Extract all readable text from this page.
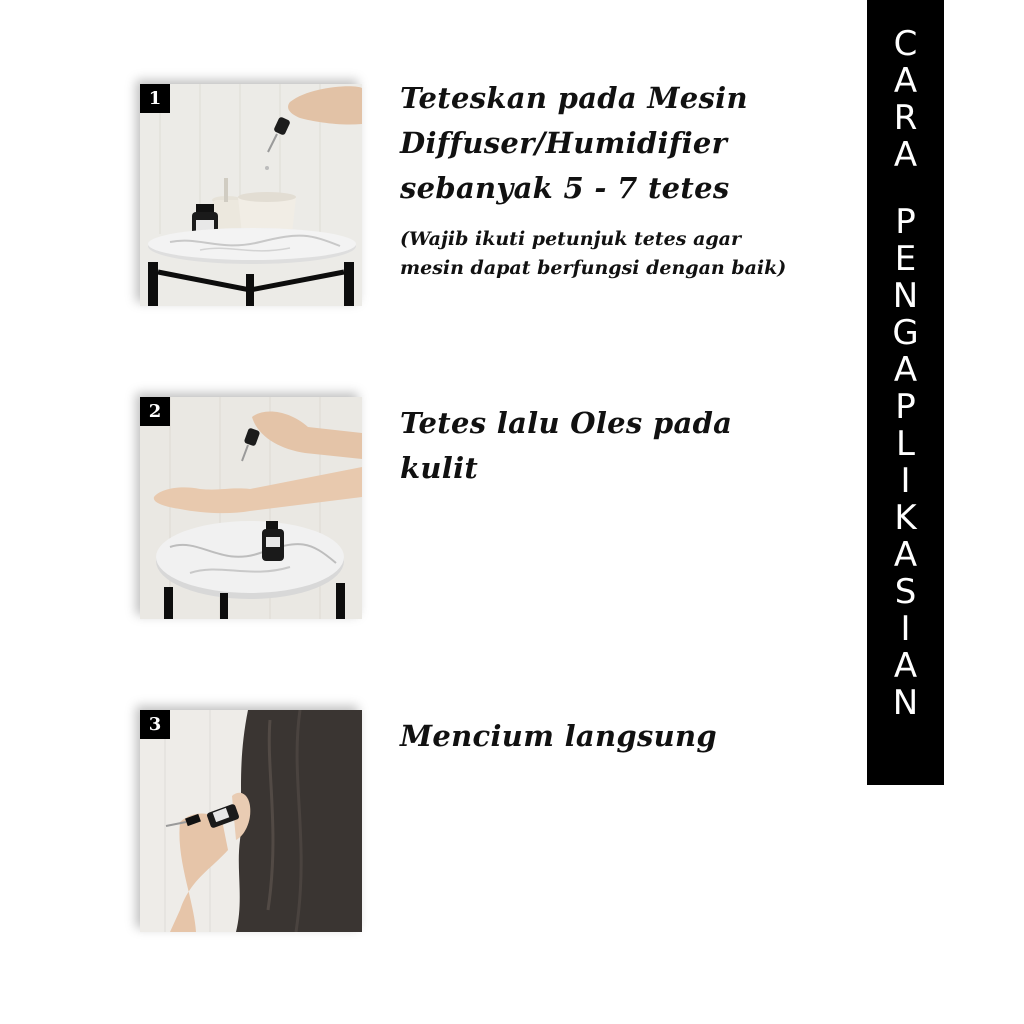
1	Teteskan pada Mesin
Diffuser/Humidifier
sebanyak 5 - 7 tetes
(Wajib ikuti petunjuk tetes agar
mesin dapat berfungsi dengan baik)
2	Tetes lalu Oles pada
kulit
3	Mencium langsung
C
A
R
A
P
E
N
G
A
P
L
I
K
A
S
I
A
N
